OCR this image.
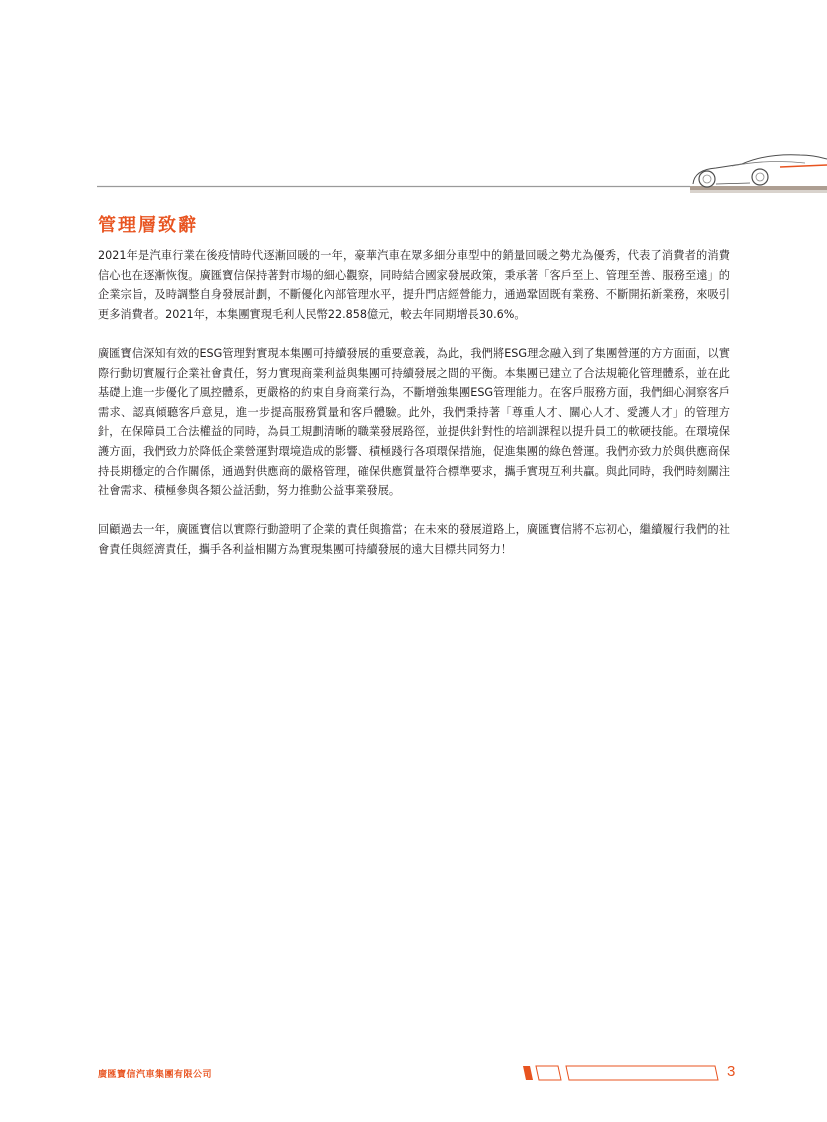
管理層致辭

2021年是汽車行業在後疫情時代逐漸回暖的一年，豪華汽車在眾多細分車型中的銷量回暖之勢尤為優秀，代表了消費者的消費信心也在逐漸恢復。廣匯寶信保持著對市場的細心觀察，同時結合國家發展政策，秉承著「客戶至上、管理至善、服務至遠」的企業宗旨，及時調整自身發展計劃，不斷優化內部管理水平，提升門店經營能力，通過鞏固既有業務、不斷開拓新業務，來吸引更多消費者。2021年，本集團實現毛利人民幣22.858億元，較去年同期增長30.6%。

廣匯寶信深知有效的ESG管理對實現本集團可持續發展的重要意義，為此，我們將ESG理念融入到了集團營運的方方面面，以實際行動切實履行企業社會責任，努力實現商業利益與集團可持續發展之間的平衡。本集團已建立了合法規範化管理體系，並在此基礎上進一步優化了風控體系，更嚴格的約束自身商業行為，不斷增強集團ESG管理能力。在客戶服務方面，我們細心洞察客戶需求、認真傾聽客戶意見，進一步提高服務質量和客戶體驗。此外，我們秉持著「尊重人才、關心人才、愛護人才」的管理方針，在保障員工合法權益的同時，為員工規劃清晰的職業發展路徑，並提供針對性的培訓課程以提升員工的軟硬技能。在環境保護方面，我們致力於降低企業營運對環境造成的影響、積極踐行各項環保措施，促進集團的綠色營運。我們亦致力於與供應商保持長期穩定的合作關係，通過對供應商的嚴格管理，確保供應質量符合標準要求，攜手實現互利共贏。與此同時，我們時刻關注社會需求、積極參與各類公益活動，努力推動公益事業發展。

回顧過去一年，廣匯寶信以實際行動證明了企業的責任與擔當；在未來的發展道路上，廣匯寶信將不忘初心，繼續履行我們的社會責任與經濟責任，攜手各利益相關方為實現集團可持續發展的遠大目標共同努力！

廣匯寶信汽車集團有限公司	3
